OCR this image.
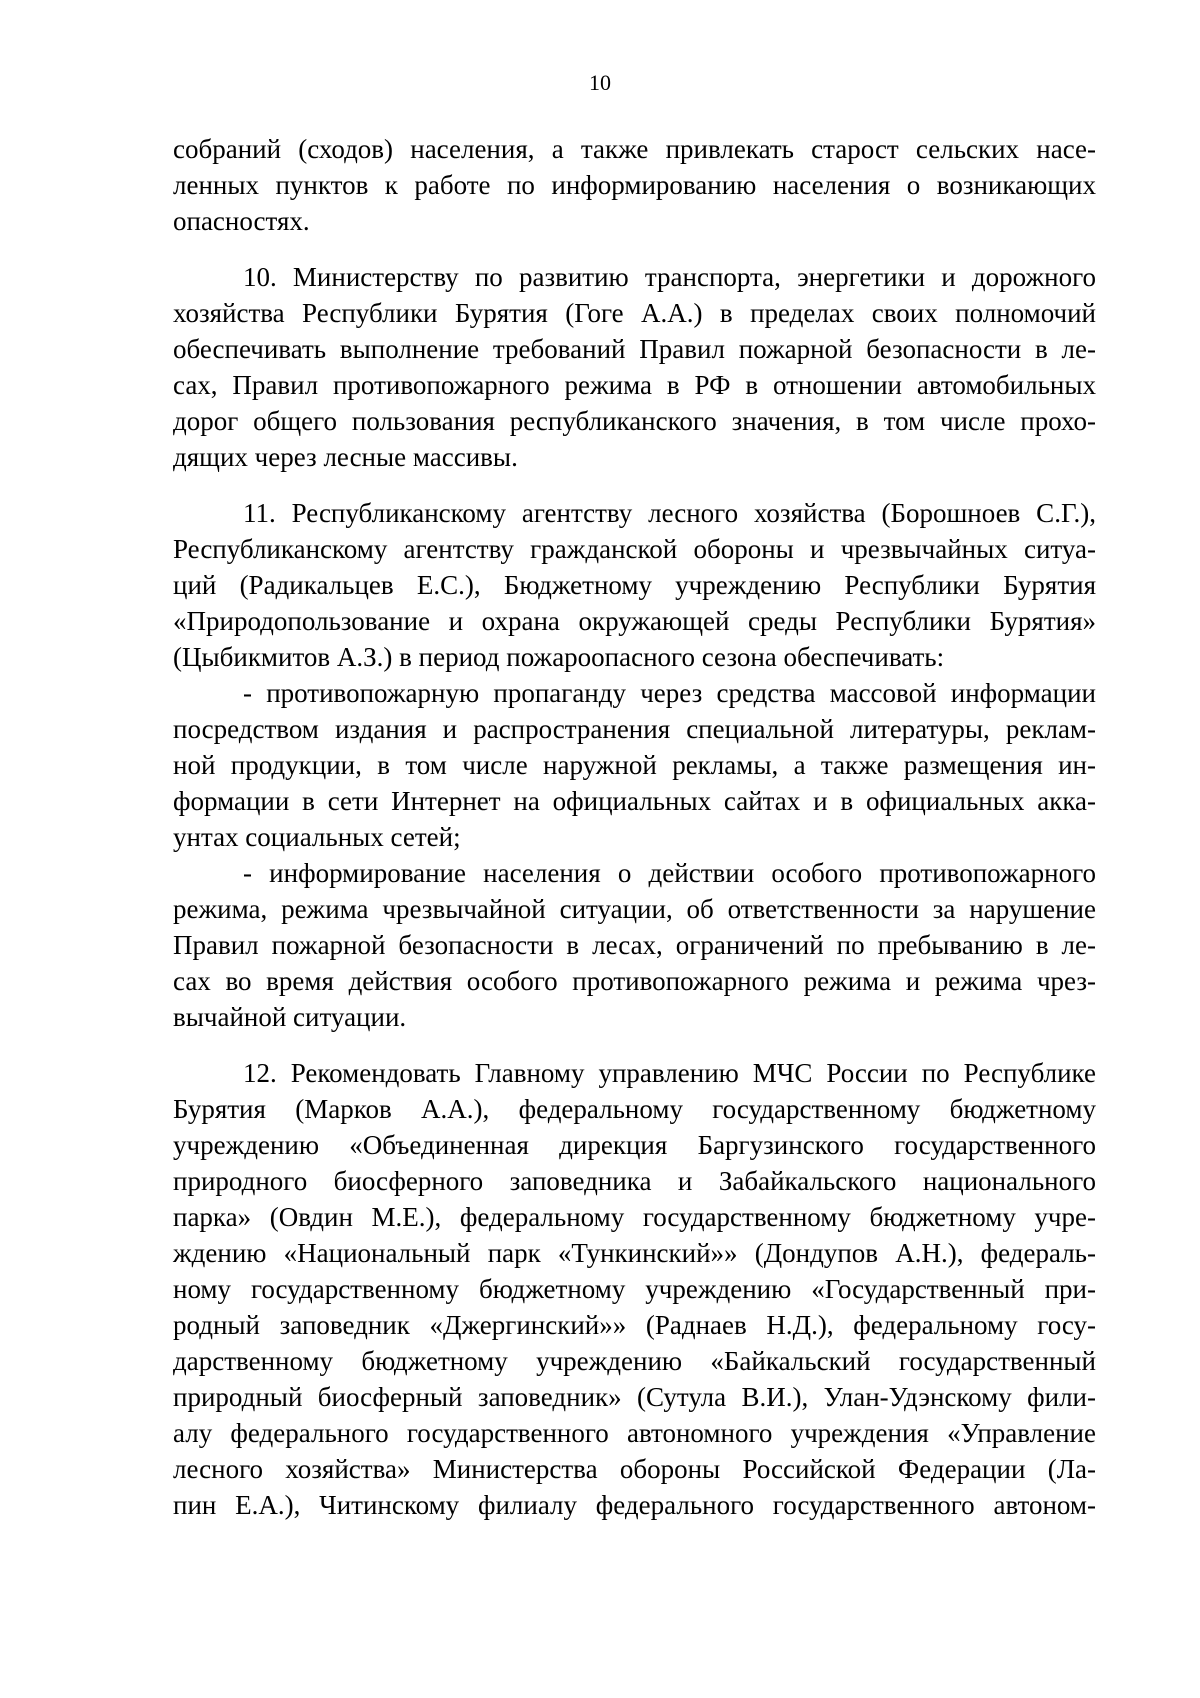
10
собраний (сходов) населения, а также привлекать старост сельских насе-
ленных пунктов к работе по информированию населения о возникающих
опасностях.
10. Министерству по развитию транспорта, энергетики и дорожного
хозяйства Республики Бурятия (Гоге А.А.) в пределах своих полномочий
обеспечивать выполнение требований Правил пожарной безопасности в ле-
сах, Правил противопожарного режима в РФ в отношении автомобильных
дорог общего пользования республиканского значения, в том числе прохо-
дящих через лесные массивы.
11. Республиканскому агентству лесного хозяйства (Борошноев С.Г.),
Республиканскому агентству гражданской обороны и чрезвычайных ситуа-
ций (Радикальцев Е.С.), Бюджетному учреждению Республики Бурятия
«Природопользование и охрана окружающей среды Республики Бурятия»
(Цыбикмитов А.З.) в период пожароопасного сезона обеспечивать:
- противопожарную пропаганду через средства массовой информации
посредством издания и распространения специальной литературы, реклам-
ной продукции, в том числе наружной рекламы, а также размещения ин-
формации в сети Интернет на официальных сайтах и в официальных акка-
унтах социальных сетей;
- информирование населения о действии особого противопожарного
режима, режима чрезвычайной ситуации, об ответственности за нарушение
Правил пожарной безопасности в лесах, ограничений по пребыванию в ле-
сах во время действия особого противопожарного режима и режима чрез-
вычайной ситуации.
12. Рекомендовать Главному управлению МЧС России по Республике
Бурятия (Марков А.А.), федеральному государственному бюджетному
учреждению «Объединенная дирекция Баргузинского государственного
природного биосферного заповедника и Забайкальского национального
парка» (Овдин М.Е.), федеральному государственному бюджетному учре-
ждению «Национальный парк «Тункинский»» (Дондупов А.Н.), федераль-
ному государственному бюджетному учреждению «Государственный при-
родный заповедник «Джергинский»» (Раднаев Н.Д.), федеральному госу-
дарственному бюджетному учреждению «Байкальский государственный
природный биосферный заповедник» (Сутула В.И.), Улан-Удэнскому фили-
алу федерального государственного автономного учреждения «Управление
лесного хозяйства» Министерства обороны Российской Федерации (Ла-
пин Е.А.), Читинскому филиалу федерального государственного автоном-
